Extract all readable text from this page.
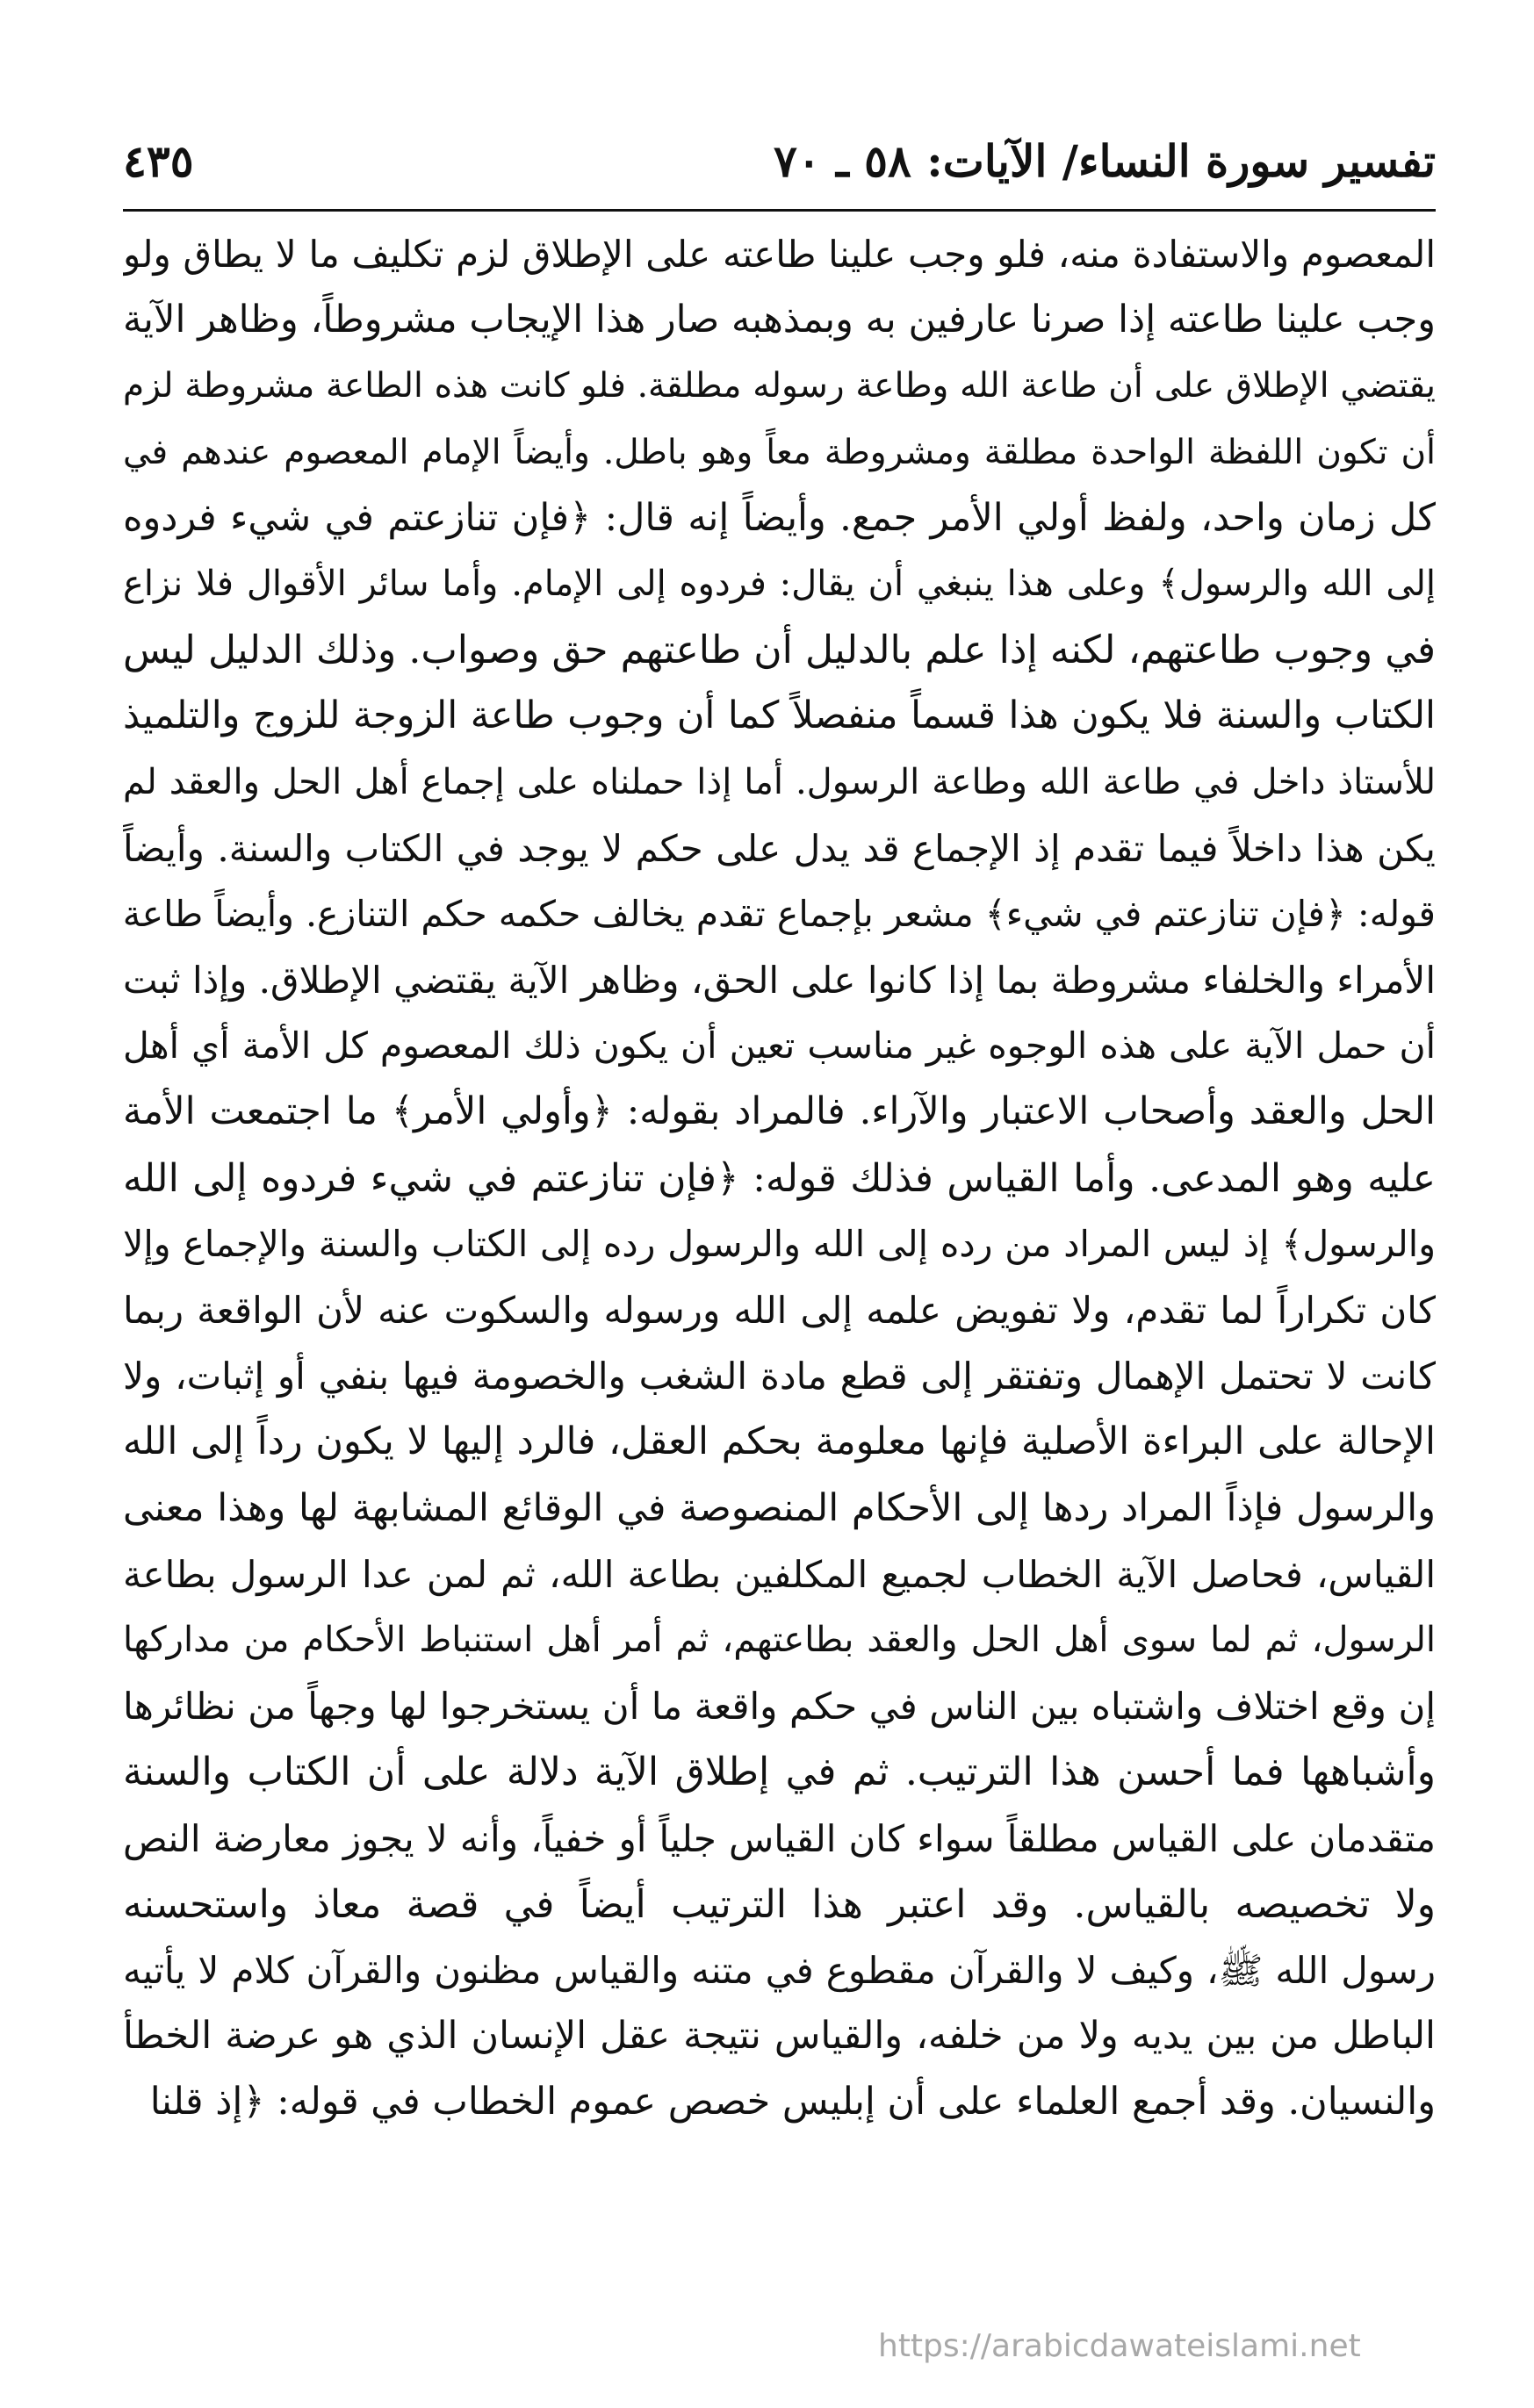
تفسير سورة النساء/ الآيات: ٥٨ ـ ٧٠
٤٣٥
المعصوم والاستفادة منه، فلو وجب علينا طاعته على الإطلاق لزم تكليف ما لا يطاق ولو
وجب علينا طاعته إذا صرنا عارفين به وبمذهبه صار هذا الإيجاب مشروطاً، وظاهر الآية
يقتضي الإطلاق على أن طاعة الله وطاعة رسوله مطلقة. فلو كانت هذه الطاعة مشروطة لزم
أن تكون اللفظة الواحدة مطلقة ومشروطة معاً وهو باطل. وأيضاً الإمام المعصوم عندهم في
كل زمان واحد، ولفظ أولي الأمر جمع. وأيضاً إنه قال: ﴿فإن تنازعتم في شيء فردوه
إلى الله والرسول﴾ وعلى هذا ينبغي أن يقال: فردوه إلى الإمام. وأما سائر الأقوال فلا نزاع
في وجوب طاعتهم، لكنه إذا علم بالدليل أن طاعتهم حق وصواب. وذلك الدليل ليس
الكتاب والسنة فلا يكون هذا قسماً منفصلاً كما أن وجوب طاعة الزوجة للزوج والتلميذ
للأستاذ داخل في طاعة الله وطاعة الرسول. أما إذا حملناه على إجماع أهل الحل والعقد لم
يكن هذا داخلاً فيما تقدم إذ الإجماع قد يدل على حكم لا يوجد في الكتاب والسنة. وأيضاً
قوله: ﴿فإن تنازعتم في شيء﴾ مشعر بإجماع تقدم يخالف حكمه حكم التنازع. وأيضاً طاعة
الأمراء والخلفاء مشروطة بما إذا كانوا على الحق، وظاهر الآية يقتضي الإطلاق. وإذا ثبت
أن حمل الآية على هذه الوجوه غير مناسب تعين أن يكون ذلك المعصوم كل الأمة أي أهل
الحل والعقد وأصحاب الاعتبار والآراء. فالمراد بقوله: ﴿وأولي الأمر﴾ ما اجتمعت الأمة
عليه وهو المدعى. وأما القياس فذلك قوله: ﴿فإن تنازعتم في شيء فردوه إلى الله
والرسول﴾ إذ ليس المراد من رده إلى الله والرسول رده إلى الكتاب والسنة والإجماع وإلا
كان تكراراً لما تقدم، ولا تفويض علمه إلى الله ورسوله والسكوت عنه لأن الواقعة ربما
كانت لا تحتمل الإهمال وتفتقر إلى قطع مادة الشغب والخصومة فيها بنفي أو إثبات، ولا
الإحالة على البراءة الأصلية فإنها معلومة بحكم العقل، فالرد إليها لا يكون رداً إلى الله
والرسول فإذاً المراد ردها إلى الأحكام المنصوصة في الوقائع المشابهة لها وهذا معنى
القياس، فحاصل الآية الخطاب لجميع المكلفين بطاعة الله، ثم لمن عدا الرسول بطاعة
الرسول، ثم لما سوى أهل الحل والعقد بطاعتهم، ثم أمر أهل استنباط الأحكام من مداركها
إن وقع اختلاف واشتباه بين الناس في حكم واقعة ما أن يستخرجوا لها وجهاً من نظائرها
وأشباهها فما أحسن هذا الترتيب. ثم في إطلاق الآية دلالة على أن الكتاب والسنة
متقدمان على القياس مطلقاً سواء كان القياس جلياً أو خفياً، وأنه لا يجوز معارضة النص
ولا تخصيصه بالقياس. وقد اعتبر هذا الترتيب أيضاً في قصة معاذ واستحسنه
رسول الله ﷺ، وكيف لا والقرآن مقطوع في متنه والقياس مظنون والقرآن كلام لا يأتيه
الباطل من بين يديه ولا من خلفه، والقياس نتيجة عقل الإنسان الذي هو عرضة الخطأ
والنسيان. وقد أجمع العلماء على أن إبليس خصص عموم الخطاب في قوله: ﴿إذ قلنا
https://arabicdawateislami.net
